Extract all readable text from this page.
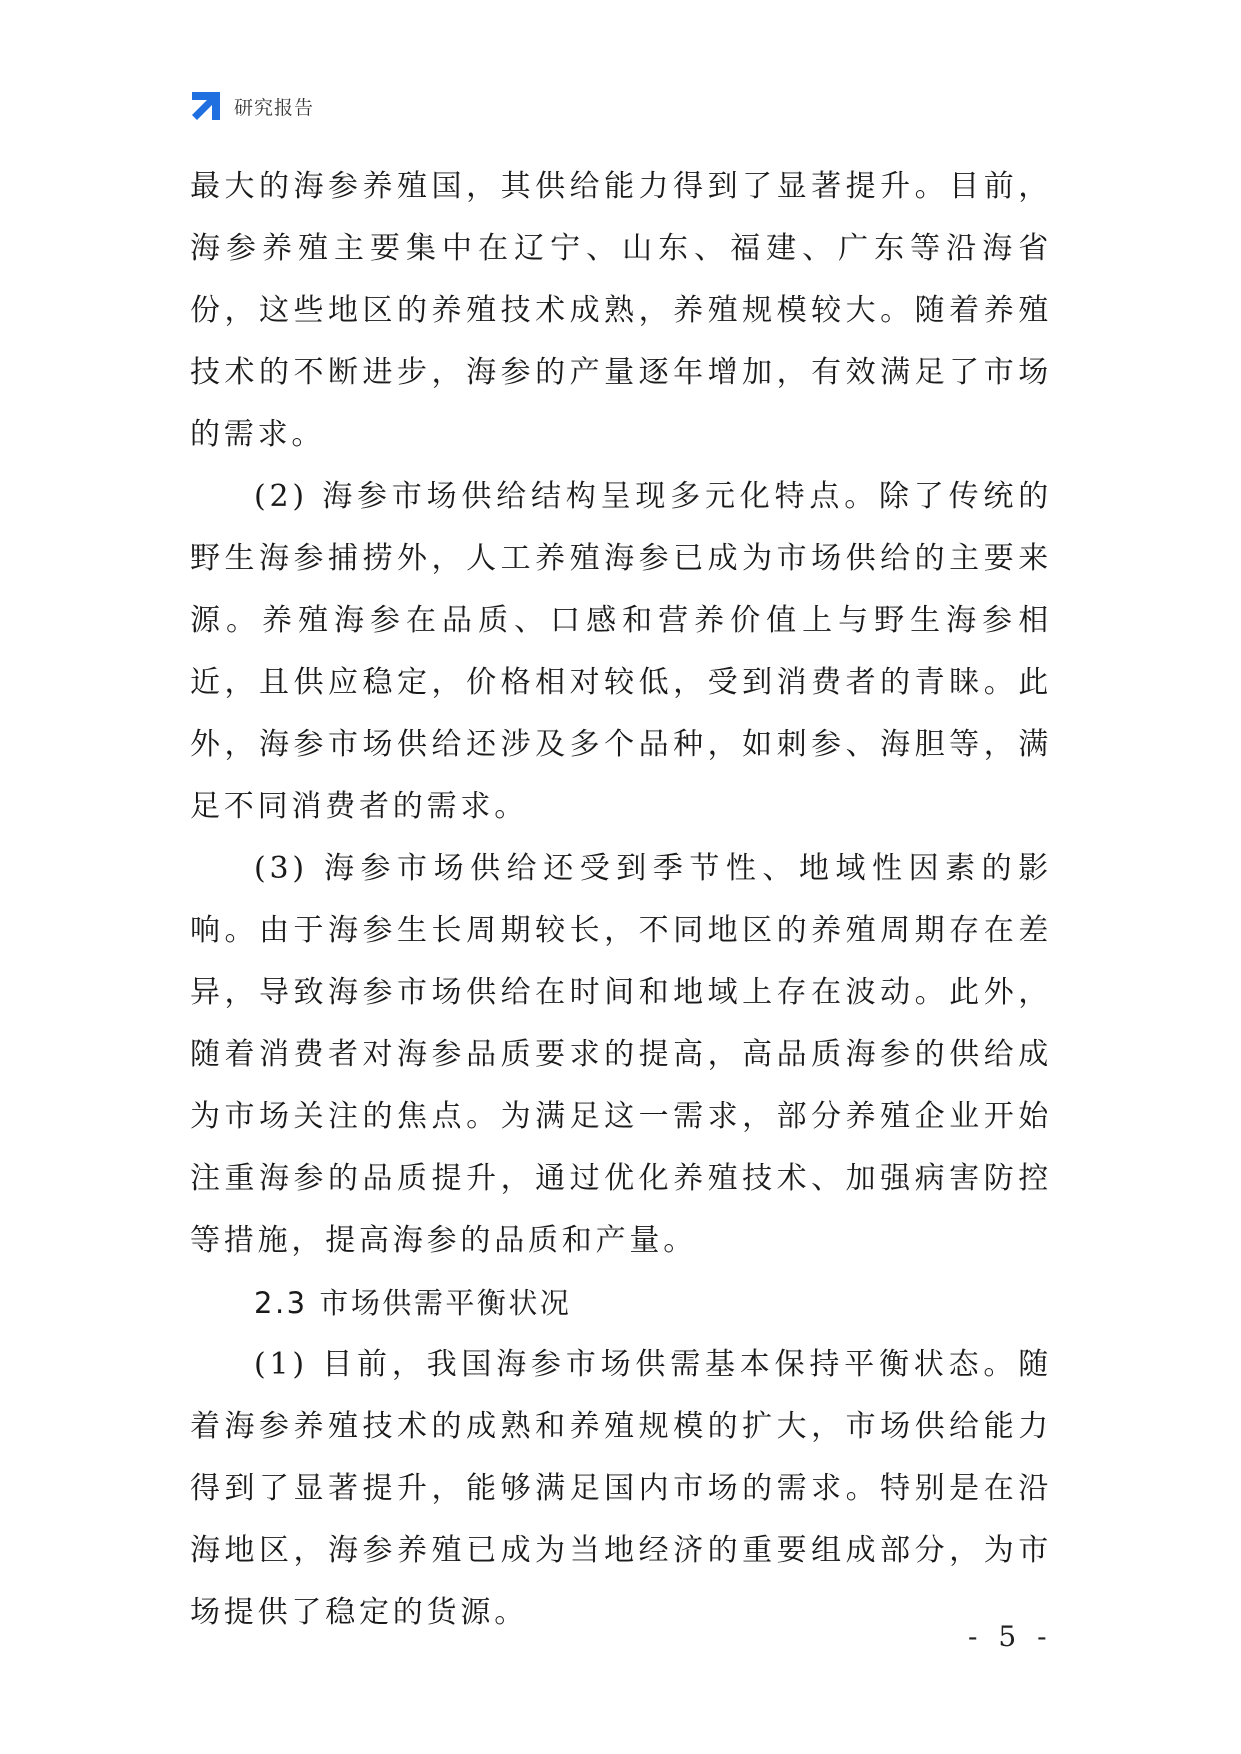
研究报告

最大的海参养殖国，其供给能力得到了显著提升。目前，海参养殖主要集中在辽宁、山东、福建、广东等沿海省份，这些地区的养殖技术成熟，养殖规模较大。随着养殖技术的不断进步，海参的产量逐年增加，有效满足了市场的需求。

(2) 海参市场供给结构呈现多元化特点。除了传统的野生海参捕捞外，人工养殖海参已成为市场供给的主要来源。养殖海参在品质、口感和营养价值上与野生海参相近，且供应稳定，价格相对较低，受到消费者的青睐。此外，海参市场供给还涉及多个品种，如刺参、海胆等，满足不同消费者的需求。

(3) 海参市场供给还受到季节性、地域性因素的影响。由于海参生长周期较长，不同地区的养殖周期存在差异，导致海参市场供给在时间和地域上存在波动。此外，随着消费者对海参品质要求的提高，高品质海参的供给成为市场关注的焦点。为满足这一需求，部分养殖企业开始注重海参的品质提升，通过优化养殖技术、加强病害防控等措施，提高海参的品质和产量。

2.3 市场供需平衡状况

(1) 目前，我国海参市场供需基本保持平衡状态。随着海参养殖技术的成熟和养殖规模的扩大，市场供给能力得到了显著提升，能够满足国内市场的需求。特别是在沿海地区，海参养殖已成为当地经济的重要组成部分，为市场提供了稳定的货源。

- 5 -
